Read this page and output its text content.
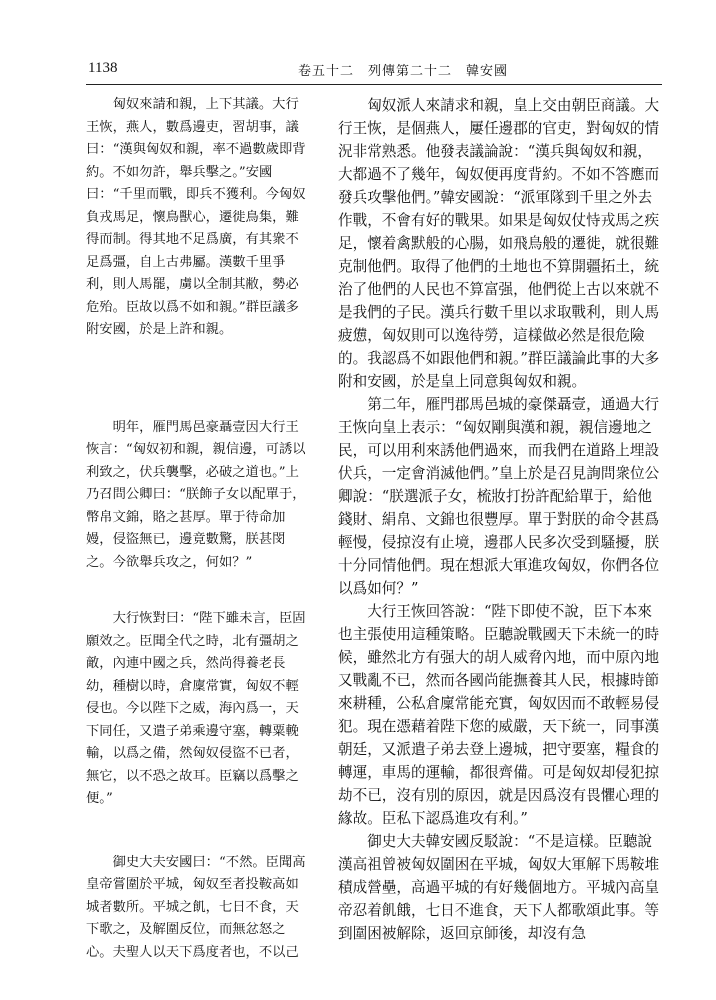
1138	卷五十二　列傳第二十二　韓安國

匈奴來請和親，上下其議。大行王恢，燕人，數爲邊吏，習胡事，議曰：“漢與匈奴和親，率不過數歲即背約。不如勿許，舉兵擊之。”安國曰：“千里而戰，即兵不獲利。今匈奴負戎馬足，懷鳥獸心，遷徙鳥集，難得而制。得其地不足爲廣，有其衆不足爲彊，自上古弗屬。漢數千里爭利，則人馬罷，虜以全制其敝，勢必危殆。臣故以爲不如和親。”群臣議多附安國，於是上許和親。

明年，雁門馬邑豪聶壹因大行王恢言：“匈奴初和親，親信邊，可誘以利致之，伏兵襲擊，必破之道也。”上乃召問公卿曰：“朕飾子女以配單于，幣帛文錦，賂之甚厚。單于待命加嫚，侵盜無已，邊竟數驚，朕甚閔之。今欲舉兵攻之，何如？”

大行恢對曰：“陛下雖未言，臣固願效之。臣聞全代之時，北有彊胡之敵，內連中國之兵，然尚得養老長幼，種樹以時，倉廩常實，匈奴不輕侵也。今以陛下之威，海內爲一，天下同任，又遣子弟乘邊守塞，轉粟輓輸，以爲之備，然匈奴侵盜不已者，無它，以不恐之故耳。臣竊以爲擊之便。”

御史大夫安國曰：“不然。臣聞高皇帝嘗圍於平城，匈奴至者投鞍高如城者數所。平城之飢，七日不食，天下歌之，及解圍反位，而無忿怒之心。夫聖人以天下爲度者也，不以己

匈奴派人來請求和親，皇上交由朝臣商議。大行王恢，是個燕人，屢任邊郡的官吏，對匈奴的情況非常熟悉。他發表議論說：“漢兵與匈奴和親，大都過不了幾年，匈奴便再度背約。不如不答應而發兵攻擊他們。”韓安國說：“派軍隊到千里之外去作戰，不會有好的戰果。如果是匈奴仗恃戎馬之疾足，懷着禽默般的心腸，如飛鳥般的遷徙，就很難克制他們。取得了他們的土地也不算開疆拓土，統治了他們的人民也不算富强，他們從上古以來就不是我們的子民。漢兵行數千里以求取戰利，則人馬疲憊，匈奴則可以逸待勞，這樣做必然是很危險的。我認爲不如跟他們和親。”群臣議論此事的大多附和安國，於是皇上同意與匈奴和親。

第二年，雁門郡馬邑城的豪傑聶壹，通過大行王恢向皇上表示：“匈奴剛與漢和親，親信邊地之民，可以用利來誘他們過來，而我們在道路上埋設伏兵，一定會消滅他們。”皇上於是召見詢問衆位公卿說：“朕選派子女，梳妝打扮許配給單于，給他錢財、絹帛、文錦也很豐厚。單于對朕的命令甚爲輕慢，侵掠沒有止境，邊郡人民多次受到騷擾，朕十分同情他們。現在想派大軍進攻匈奴，你們各位以爲如何？”

大行王恢回答說：“陛下即使不說，臣下本來也主張使用這種策略。臣聽說戰國天下未統一的時候，雖然北方有强大的胡人威脅內地，而中原內地又戰亂不已，然而各國尚能撫養其人民，根據時節來耕種，公私倉廩常能充實，匈奴因而不敢輕易侵犯。現在憑藉着陛下您的威嚴，天下統一，同事漢朝廷，又派遣子弟去登上邊城，把守要塞，糧食的轉運，車馬的運輸，都很齊備。可是匈奴却侵犯掠劫不已，沒有別的原因，就是因爲沒有畏懼心理的緣故。臣私下認爲進攻有利。”

御史大夫韓安國反駁說：“不是這樣。臣聽說漢高祖曾被匈奴圍困在平城，匈奴大軍解下馬鞍堆積成營壘，高過平城的有好幾個地方。平城內高皇帝忍着飢餓，七日不進食，天下人都歌頌此事。等到圍困被解除，返回京師後，却沒有急
